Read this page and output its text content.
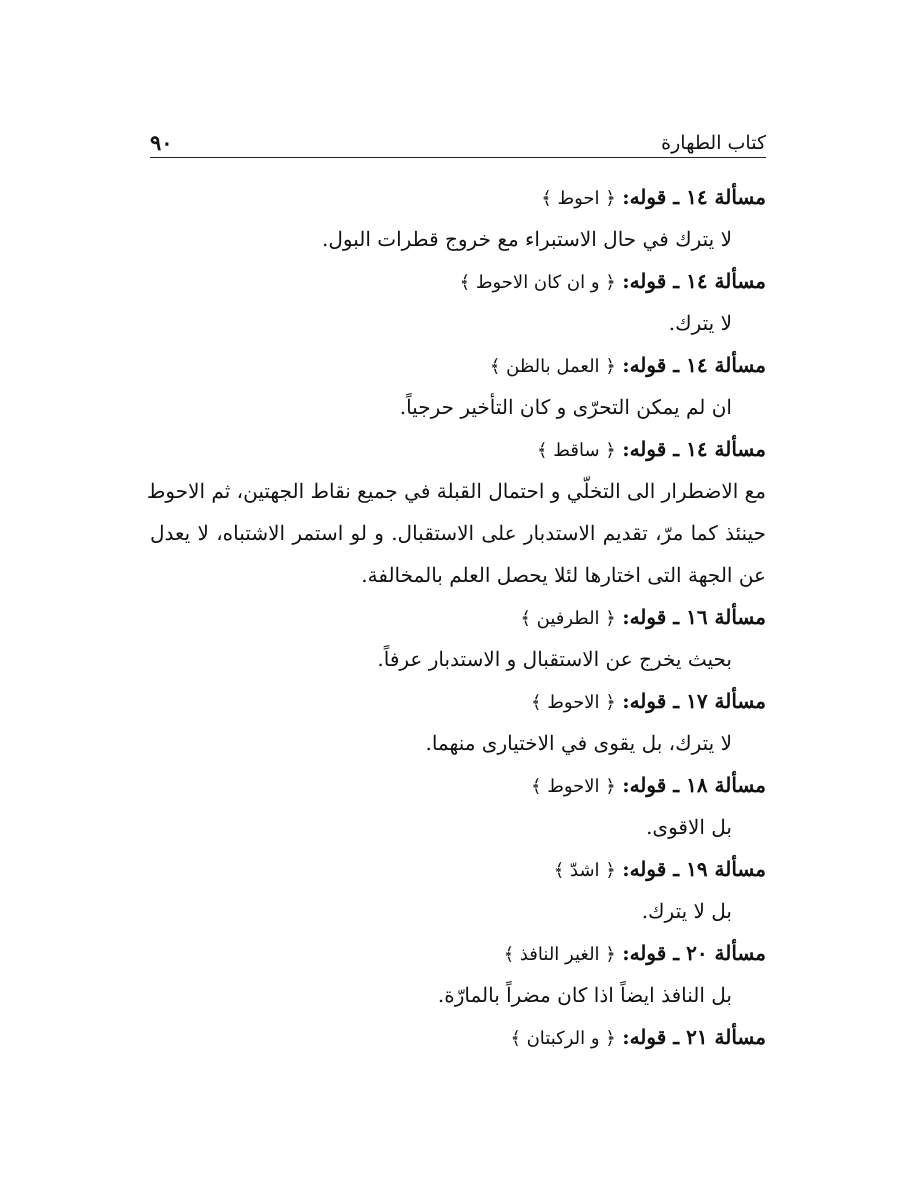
كتاب الطهارة
٩٠
مسألة ١٤ ـ قوله: ﴿ احوط ﴾
لا يترك في حال الاستبراء مع خروج قطرات البول.
مسألة ١٤ ـ قوله: ﴿ و ان كان الاحوط ﴾
لا يترك.
مسألة ١٤ ـ قوله: ﴿ العمل بالظن ﴾
ان لم يمكن التحرّى و كان التأخير حرجياً.
مسألة ١٤ ـ قوله: ﴿ ساقط ﴾
مع الاضطرار الى التخلّي و احتمال القبلة في جميع نقاط الجهتين، ثم الاحوط
حينئذ كما مرّ، تقديم الاستدبار على الاستقبال. و لو استمر الاشتباه، لا يعدل
عن الجهة التى اختارها لئلا يحصل العلم بالمخالفة.
مسألة ١٦ ـ قوله: ﴿ الطرفين ﴾
بحيث يخرج عن الاستقبال و الاستدبار عرفاً.
مسألة ١٧ ـ قوله: ﴿ الاحوط ﴾
لا يترك، بل يقوى في الاختيارى منهما.
مسألة ١٨ ـ قوله: ﴿ الاحوط ﴾
بل الاقوى.
مسألة ١٩ ـ قوله: ﴿ اشدّ ﴾
بل لا يترك.
مسألة ٢٠ ـ قوله: ﴿ الغير النافذ ﴾
بل النافذ ايضاً اذا كان مضراً بالمارّة.
مسألة ٢١ ـ قوله: ﴿ و الركبتان ﴾
